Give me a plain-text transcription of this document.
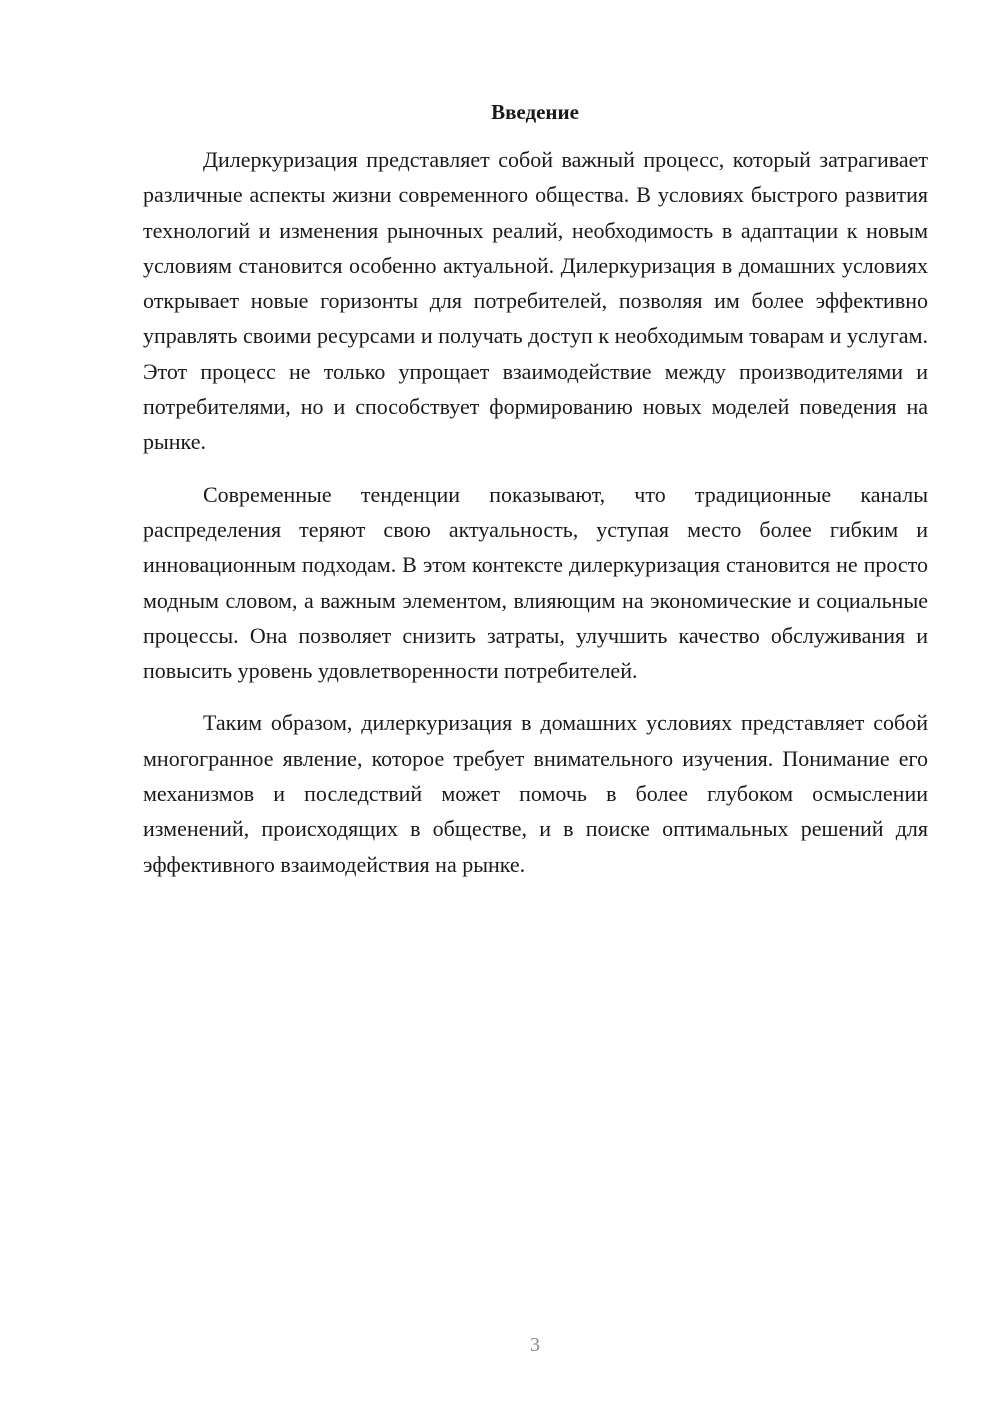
Введение

Дилеркуризация представляет собой важный процесс, который затрагивает различные аспекты жизни современного общества. В условиях быстрого развития технологий и изменения рыночных реалий, необходимость в адаптации к новым условиям становится особенно актуальной. Дилеркуризация в домашних условиях открывает новые горизонты для потребителей, позволяя им более эффективно управлять своими ресурсами и получать доступ к необходимым товарам и услугам. Этот процесс не только упрощает взаимодействие между производителями и потребителями, но и способствует формированию новых моделей поведения на рынке.

Современные тенденции показывают, что традиционные каналы распределения теряют свою актуальность, уступая место более гибким и инновационным подходам. В этом контексте дилеркуризация становится не просто модным словом, а важным элементом, влияющим на экономические и социальные процессы. Она позволяет снизить затраты, улучшить качество обслуживания и повысить уровень удовлетворенности потребителей.

Таким образом, дилеркуризация в домашних условиях представляет собой многогранное явление, которое требует внимательного изучения. Понимание его механизмов и последствий может помочь в более глубоком осмыслении изменений, происходящих в обществе, и в поиске оптимальных решений для эффективного взаимодействия на рынке.

3
